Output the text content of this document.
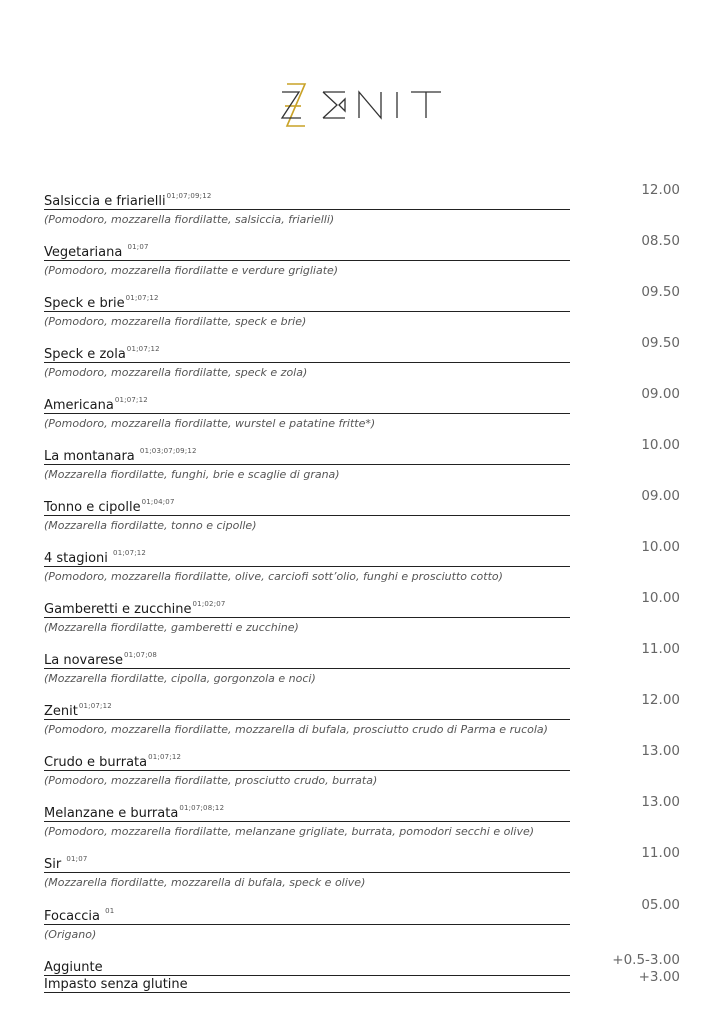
Salsiccia e friarielli$^{01;07;09;12}$
(Pomodoro, mozzarella fiordilatte, salsiccia, friarielli)
12.00
Vegetariana $^{01;07}$
(Pomodoro, mozzarella fiordilatte e verdure grigliate)
08.50
Speck e brie$^{01;07;12}$
(Pomodoro, mozzarella fiordilatte, speck e brie)
09.50
Speck e zola$^{01;07;12}$
(Pomodoro, mozzarella fiordilatte, speck e zola)
09.50
Americana$^{01;07;12}$
(Pomodoro, mozzarella fiordilatte, wurstel e patatine fritte*)
09.00
La montanara $^{01;03;07;09;12}$
(Mozzarella fiordilatte, funghi, brie e scaglie di grana)
10.00
Tonno e cipolle$^{01;04;07}$
(Mozzarella fiordilatte, tonno e cipolle)
09.00
4 stagioni $^{01;07;12}$
(Pomodoro, mozzarella fiordilatte, olive, carciofi sott’olio, funghi e prosciutto cotto)
10.00
Gamberetti e zucchine$^{01;02;07}$
(Mozzarella fiordilatte, gamberetti e zucchine)
10.00
La novarese$^{01;07;08}$
(Mozzarella fiordilatte, cipolla, gorgonzola e noci)
11.00
Zenit$^{01;07;12}$
(Pomodoro, mozzarella fiordilatte, mozzarella di bufala, prosciutto crudo di Parma e rucola)
12.00
Crudo e burrata$^{01;07;12}$
(Pomodoro, mozzarella fiordilatte, prosciutto crudo, burrata)
13.00
Melanzane e burrata$^{01;07;08;12}$
(Pomodoro, mozzarella fiordilatte, melanzane grigliate, burrata, pomodori secchi e olive)
13.00
Sir $^{01;07}$
(Mozzarella fiordilatte, mozzarella di bufala, speck e olive)
11.00
Focaccia $^{01}$
(Origano)
05.00
Aggiunte	+0.5-3.00
Impasto senza glutine	+3.00
